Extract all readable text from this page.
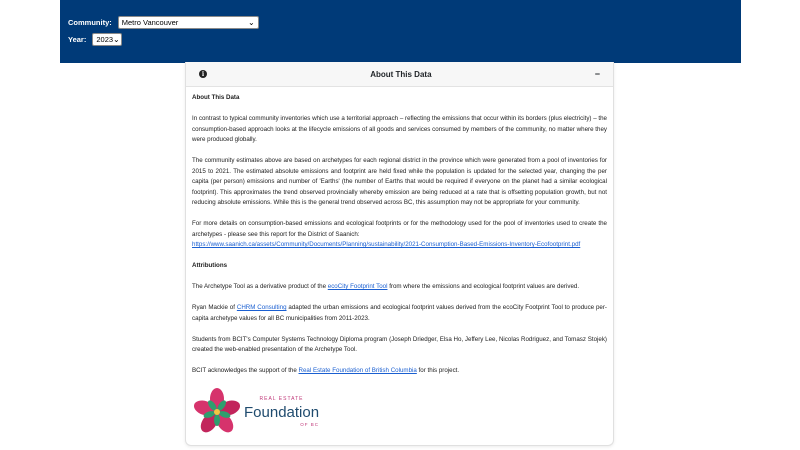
Community: Metro Vancouver	⌄
Year: 2023 ⌄
i	About This Data	−

About This Data

In contrast to typical community inventories which use a territorial approach – reflecting the emissions that occur within its borders (plus electricity) – the consumption-based approach looks at the lifecycle emissions of all goods and services consumed by members of the community, no matter where they were produced globally.

The community estimates above are based on archetypes for each regional district in the province which were generated from a pool of inventories for 2015 to 2021. The estimated absolute emissions and footprint are held fixed while the population is updated for the selected year, changing the per capita (per person) emissions and number of 'Earths' (the number of Earths that would be required if everyone on the planet had a similar ecological footprint). This approximates the trend observed provincially whereby emission are being reduced at a rate that is offsetting population growth, but not reducing absolute emissions. While this is the general trend observed across BC, this assumption may not be appropriate for your community.

For more details on consumption-based emissions and ecological footprints or for the methodology used for the pool of inventories used to create the archetypes - please see this report for the District of Saanich:
https://www.saanich.ca/assets/Community/Documents/Planning/sustainability/2021-Consumption-Based-Emissions-Inventory-Ecofootprint.pdf

Attributions

The Archetype Tool as a derivative product of the ecoCity Footprint Tool from where the emissions and ecological footprint values are derived.

Ryan Mackie of CHRM Consulting adapted the urban emissions and ecological footprint values derived from the ecoCity Footprint Tool to produce per-capita archetype values for all BC municipalities from 2011-2023.

Students from BCIT's Computer Systems Technology Diploma program (Joseph Driedger, Elsa Ho, Jeffery Lee, Nicolas Rodriguez, and Tomasz Stojek) created the web-enabled presentation of the Archetype Tool.

BCIT acknowledges the support of the Real Estate Foundation of British Columbia for this project.

REAL ESTATE
Foundation
OF BC
